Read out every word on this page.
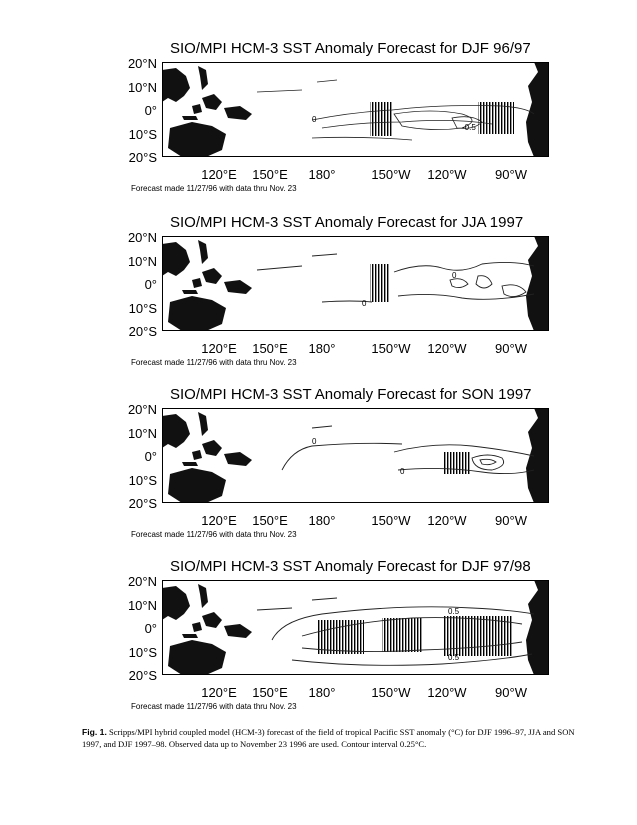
SIO/MPI HCM-3 SST Anomaly Forecast for DJF 96/97
20°N
10°N
0°
10°S
20°S
0
-0.5
120°E 150°E 180°	150°W 120°W 90°W
Forecast made 11/27/96 with data thru Nov. 23
SIO/MPI HCM-3 SST Anomaly Forecast for JJA 1997
20°N
10°N
0°
10°S
20°S
0
0
120°E 150°E 180°	150°W 120°W 90°W
Forecast made 11/27/96 with data thru Nov. 23
SIO/MPI HCM-3 SST Anomaly Forecast for SON 1997
20°N
10°N
0°
10°S
20°S
0
0
120°E 150°E 180°	150°W 120°W 90°W
Forecast made 11/27/96 with data thru Nov. 23
SIO/MPI HCM-3 SST Anomaly Forecast for DJF 97/98
20°N
10°N
0°
10°S
20°S
0.5
0.5
120°E 150°E 180°	150°W 120°W 90°W
Forecast made 11/27/96 with data thru Nov. 23
Fig. 1. Scripps/MPI hybrid coupled model (HCM-3) forecast of the field of tropical Pacific SST anomaly (°C) for DJF 1996–97, JJA and SON 1997, and DJF 1997–98. Observed data up to November 23 1996 are used. Contour interval 0.25°C.
